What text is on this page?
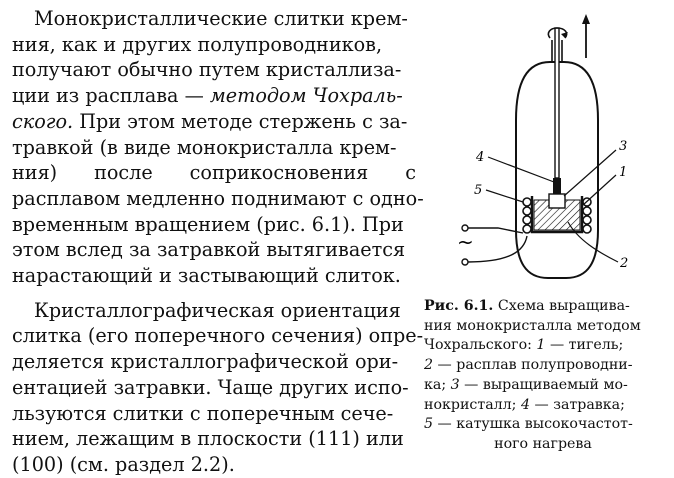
Монокристаллические слитки крем-
ния, как и других полупроводников,
получают обычно путем кристаллиза-
ции из расплава — методом Чохраль-
ского. При этом методе стержень с за-
травкой (в виде монокристалла крем-
ния) после соприкосновения с
расплавом медленно поднимают с одно-
временным вращением (рис. 6.1). При
этом вслед за затравкой вытягивается
нарастающий и застывающий слиток.
Кристаллографическая ориентация
слитка (его поперечного сечения) опре-
деляется кристаллографической ори-
ентацией затравки. Чаще других испо-
льзуются слитки с поперечным сече-
нием, лежащим в плоскости (111) или
(100) (см. раздел 2.2).
~
4
5
3
1
2
Рис. 6.1. Схема выращива-
ния монокристалла методом
Чохральского: 1 — тигель;
2 — расплав полупроводни-
ка; 3 — выращиваемый мо-
нокристалл; 4 — затравка;
5 — катушка высокочастот-
ного нагрева
